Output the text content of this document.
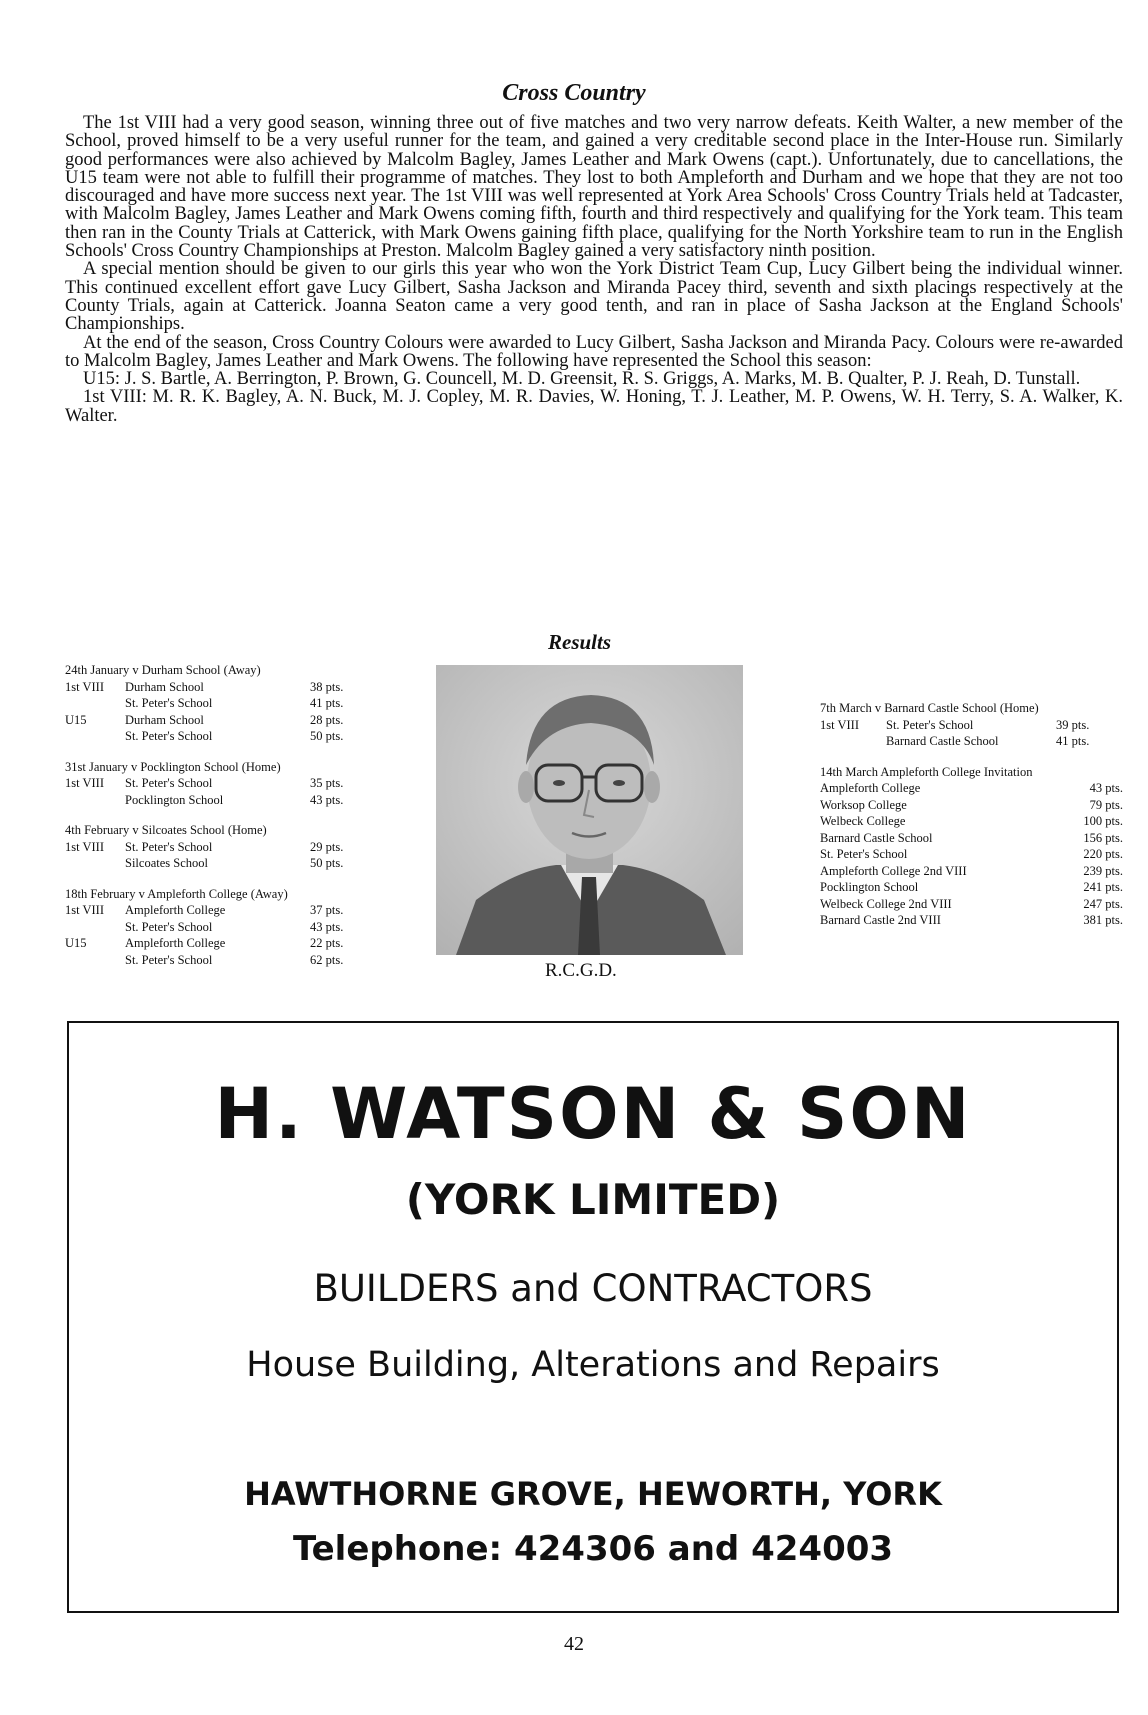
Cross Country

The 1st VIII had a very good season, winning three out of five matches and two very narrow defeats. Keith Walter, a new member of the School, proved himself to be a very useful runner for the team, and gained a very creditable second place in the Inter-House run. Similarly good performances were also achieved by Malcolm Bagley, James Leather and Mark Owens (capt.). Unfortunately, due to cancellations, the U15 team were not able to fulfill their programme of matches. They lost to both Ampleforth and Durham and we hope that they are not too discouraged and have more success next year. The 1st VIII was well represented at York Area Schools' Cross Country Trials held at Tadcaster, with Malcolm Bagley, James Leather and Mark Owens coming fifth, fourth and third respectively and qualifying for the York team. This team then ran in the County Trials at Catterick, with Mark Owens gaining fifth place, qualifying for the North Yorkshire team to run in the English Schools' Cross Country Championships at Preston. Malcolm Bagley gained a very satisfactory ninth position.

A special mention should be given to our girls this year who won the York District Team Cup, Lucy Gilbert being the individual winner. This continued excellent effort gave Lucy Gilbert, Sasha Jackson and Miranda Pacey third, seventh and sixth placings respectively at the County Trials, again at Catterick. Joanna Seaton came a very good tenth, and ran in place of Sasha Jackson at the England Schools' Championships.

At the end of the season, Cross Country Colours were awarded to Lucy Gilbert, Sasha Jackson and Miranda Pacy. Colours were re-awarded to Malcolm Bagley, James Leather and Mark Owens. The following have represented the School this season:

U15: J. S. Bartle, A. Berrington, P. Brown, G. Councell, M. D. Greensit, R. S. Griggs, A. Marks, M. B. Qualter, P. J. Reah, D. Tunstall.

1st VIII: M. R. K. Bagley, A. N. Buck, M. J. Copley, M. R. Davies, W. Honing, T. J. Leather, M. P. Owens, W. H. Terry, S. A. Walker, K. Walter.

Results
24th January v Durham School (Away)
1st VIII	Durham School	38 pts.
St. Peter's School	41 pts.
U15	Durham School	28 pts.
St. Peter's School	50 pts.
31st January v Pocklington School (Home)
1st VIII	St. Peter's School	35 pts.
Pocklington School	43 pts.
4th February v Silcoates School (Home)
1st VIII	St. Peter's School	29 pts.
Silcoates School	50 pts.
18th February v Ampleforth College (Away)
1st VIII	Ampleforth College	37 pts.
St. Peter's School	43 pts.
U15	Ampleforth College	22 pts.
St. Peter's School	62 pts.
R.C.G.D.
7th March v Barnard Castle School (Home)
1st VIII	St. Peter's School	39 pts.
Barnard Castle School	41 pts.
14th March Ampleforth College Invitation
Ampleforth College	43 pts.
Worksop College	79 pts.
Welbeck College	100 pts.
Barnard Castle School	156 pts.
St. Peter's School	220 pts.
Ampleforth College 2nd VIII	239 pts.
Pocklington School	241 pts.
Welbeck College 2nd VIII	247 pts.
Barnard Castle 2nd VIII	381 pts.
H. WATSON & SON
(YORK LIMITED)
BUILDERS and CONTRACTORS
House Building, Alterations and Repairs
HAWTHORNE GROVE, HEWORTH, YORK
Telephone: 424306 and 424003
42
